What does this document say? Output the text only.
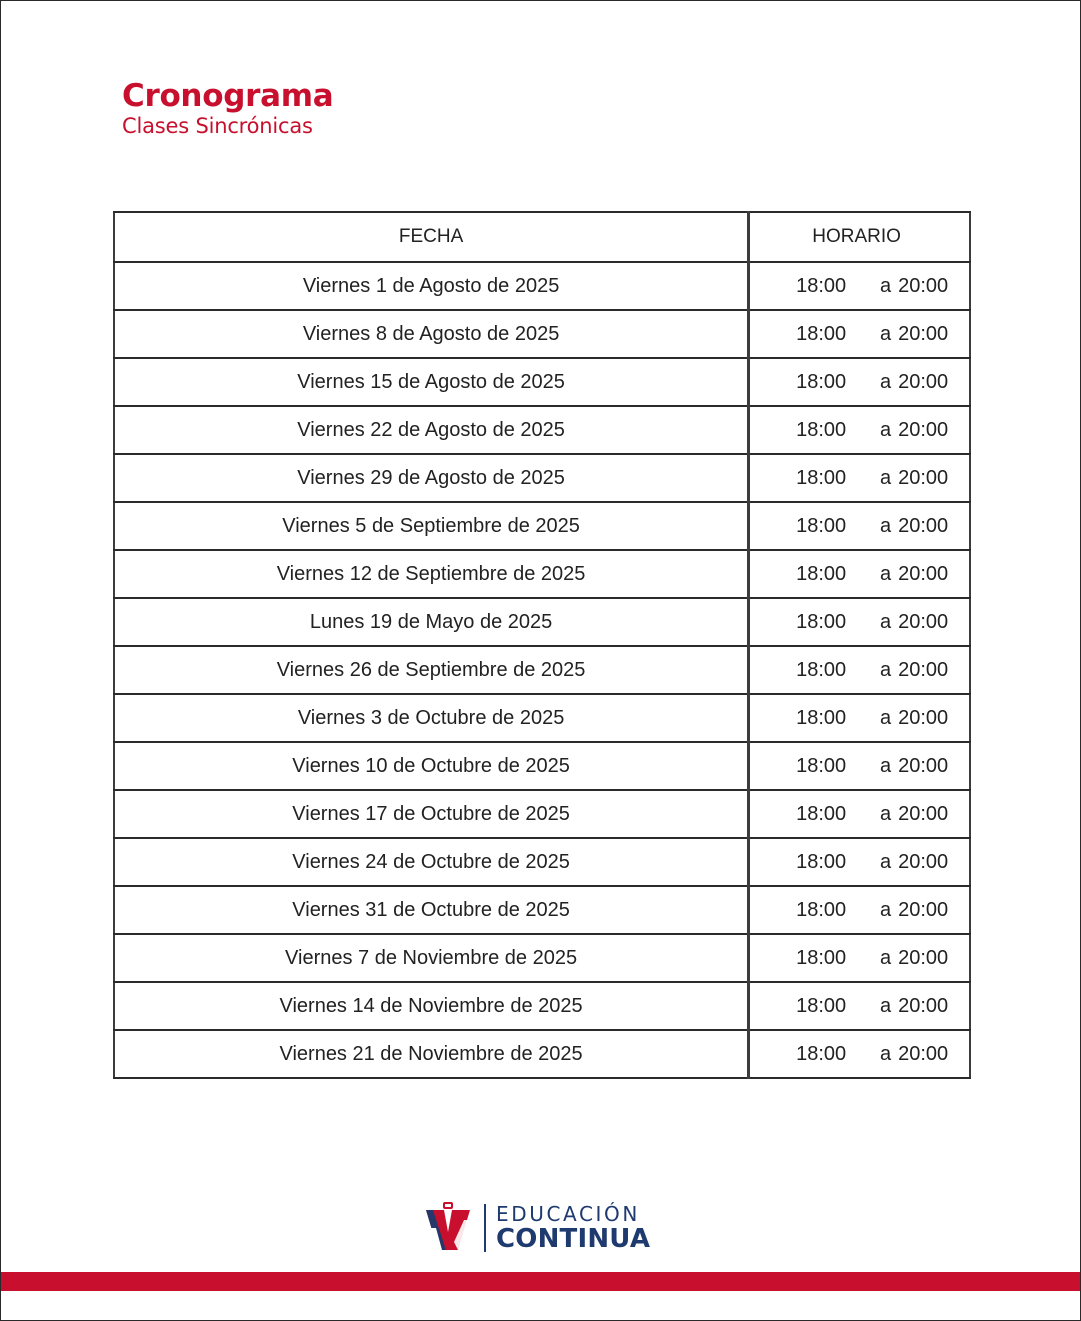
Cronograma
Clases Sincrónicas
FECHA	HORARIO

Viernes 1 de Agosto de 2025	18:00 a 20:00

Viernes 8 de Agosto de 2025	18:00 a 20:00

Viernes 15 de Agosto de 2025	18:00 a 20:00

Viernes 22 de Agosto de 2025	18:00 a 20:00

Viernes 29 de Agosto de 2025	18:00 a 20:00

Viernes 5 de Septiembre de 2025	18:00 a 20:00

Viernes 12 de Septiembre de 2025	18:00 a 20:00

Lunes 19 de Mayo de 2025	18:00 a 20:00

Viernes 26 de Septiembre de 2025	18:00 a 20:00

Viernes 3 de Octubre de 2025	18:00 a 20:00

Viernes 10 de Octubre de 2025	18:00 a 20:00

Viernes 17 de Octubre de 2025	18:00 a 20:00

Viernes 24 de Octubre de 2025	18:00 a 20:00

Viernes 31 de Octubre de 2025	18:00 a 20:00

Viernes 7 de Noviembre de 2025	18:00 a 20:00

Viernes 14 de Noviembre de 2025	18:00 a 20:00

Viernes 21 de Noviembre de 2025	18:00 a 20:00
EDUCACIÓN
CONTINUA
